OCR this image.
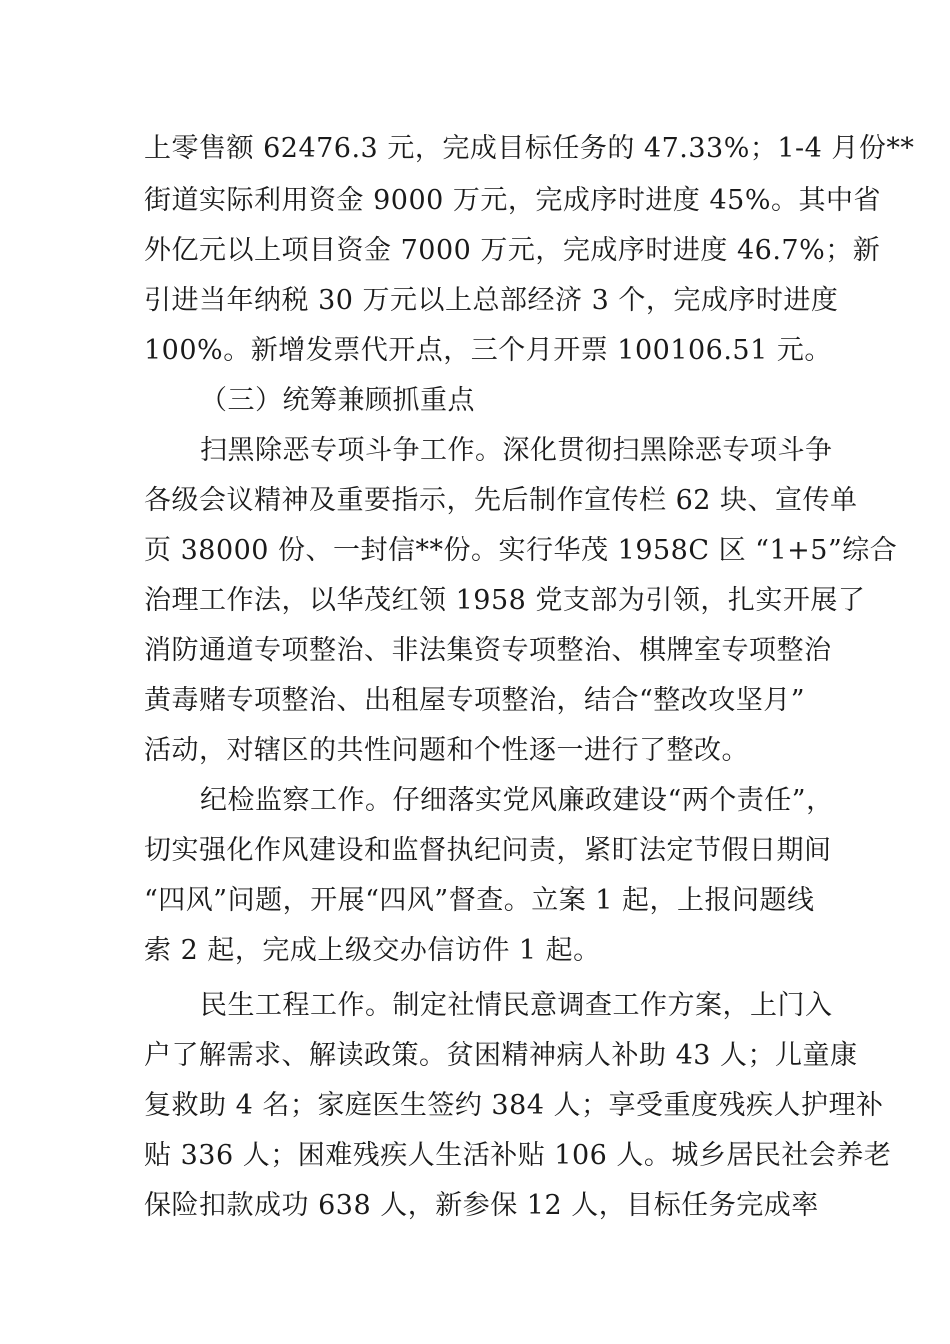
上零售额 62476.3 元，完成目标任务的 47.33%；1-4 月份**
街道实际利用资金 9000 万元，完成序时进度 45%。其中省
外亿元以上项目资金 7000 万元，完成序时进度 46.7%；新
引进当年纳税 30 万元以上总部经济 3 个，完成序时进度
100%。新增发票代开点，三个月开票 100106.51 元。
（三）统筹兼顾抓重点
扫黑除恶专项斗争工作。深化贯彻扫黑除恶专项斗争
各级会议精神及重要指示，先后制作宣传栏 62 块、宣传单
页 38000 份、一封信**份。实行华茂 1958C 区 “1+5”综合
治理工作法，以华茂红领 1958 党支部为引领，扎实开展了
消防通道专项整治、非法集资专项整治、棋牌室专项整治
黄毒赌专项整治、出租屋专项整治，结合“整改攻坚月”
活动，对辖区的共性问题和个性逐一进行了整改。
纪检监察工作。仔细落实党风廉政建设“两个责任”，
切实强化作风建设和监督执纪问责，紧盯法定节假日期间
“四风”问题，开展“四风”督查。立案 1 起，上报问题线
索 2 起，完成上级交办信访件 1 起。
民生工程工作。制定社情民意调查工作方案，上门入
户了解需求、解读政策。贫困精神病人补助 43 人；儿童康
复救助 4 名；家庭医生签约 384 人；享受重度残疾人护理补
贴 336 人；困难残疾人生活补贴 106 人。城乡居民社会养老
保险扣款成功 638 人，新参保 12 人，目标任务完成率
